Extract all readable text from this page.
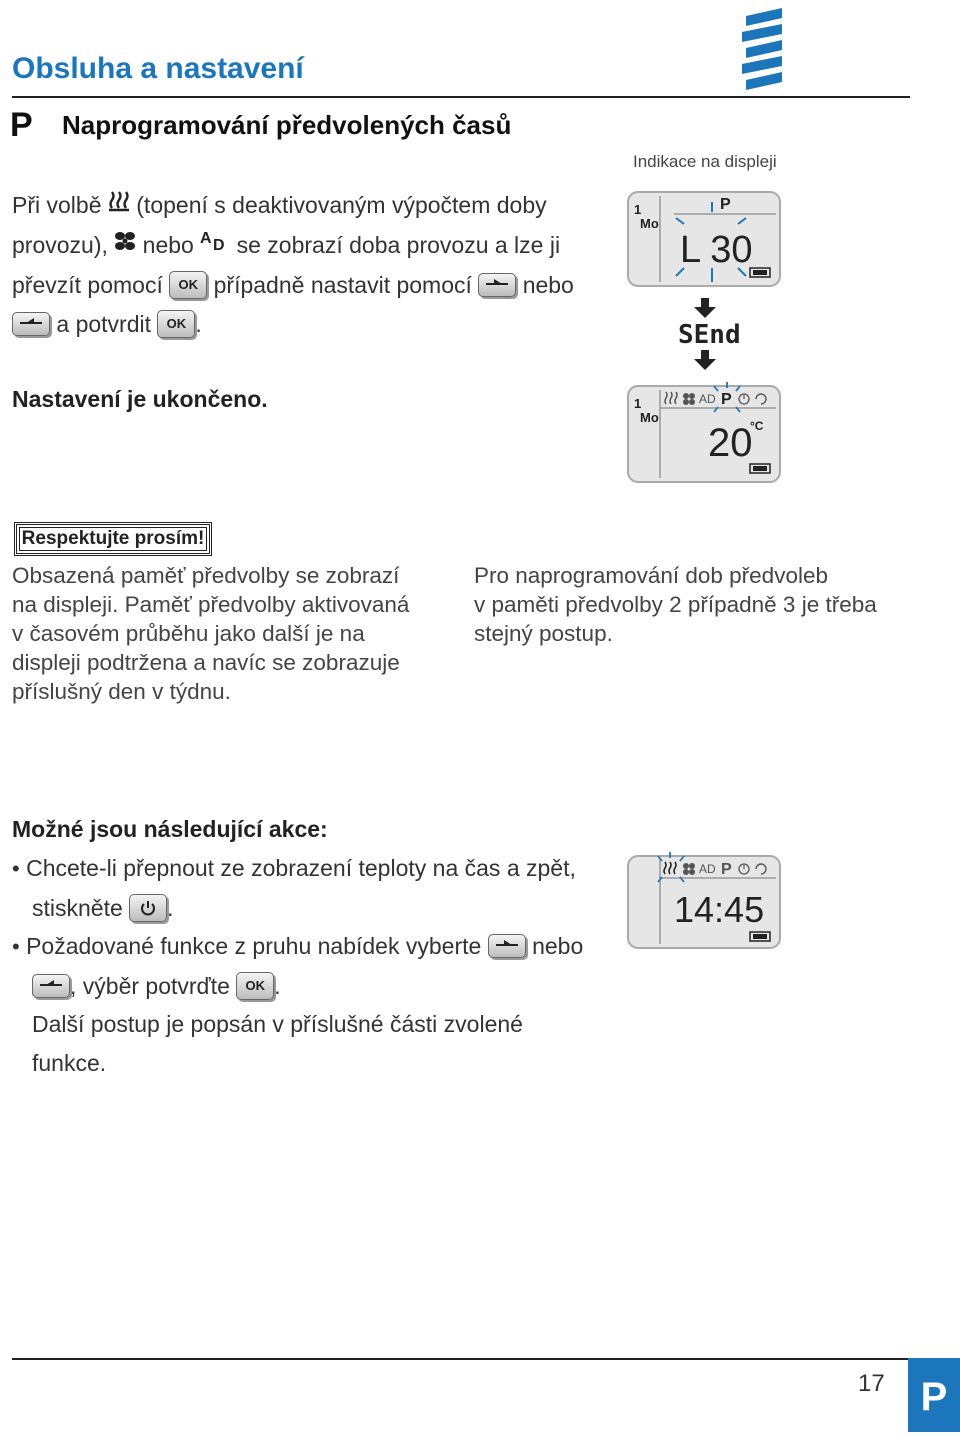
Obsluha a nastavení
P Naprogramování předvolených časů
Indikace na displeji
Při volbě (topení s deaktivovaným výpočtem doby
provozu), nebo A D se zobrazí doba provozu a lze ji
převzít pomocí OK případně nastavit pomocí nebo
a potvrdit OK .
1
Mo
P
L 30
SEnd
1
Mo
AD P
20
°C
Nastavení je ukončeno.
Respektujte prosím!
Obsazená paměť předvolby se zobrazí
na displeji. Paměť předvolby aktivovaná
v časovém průběhu jako další je na
displeji podtržena a navíc se zobrazuje
příslušný den v týdnu.
Pro naprogramování dob předvoleb
v paměti předvolby 2 případně 3 je třeba
stejný postup.
Možné jsou následující akce:
• Chcete-li přepnout ze zobrazení teploty na čas a zpět,
stiskněte .
• Požadované funkce z pruhu nabídek vyberte nebo
, výběr potvrďte OK .
Další postup je popsán v příslušné části zvolené
funkce.
AD P
14:45
17 P
